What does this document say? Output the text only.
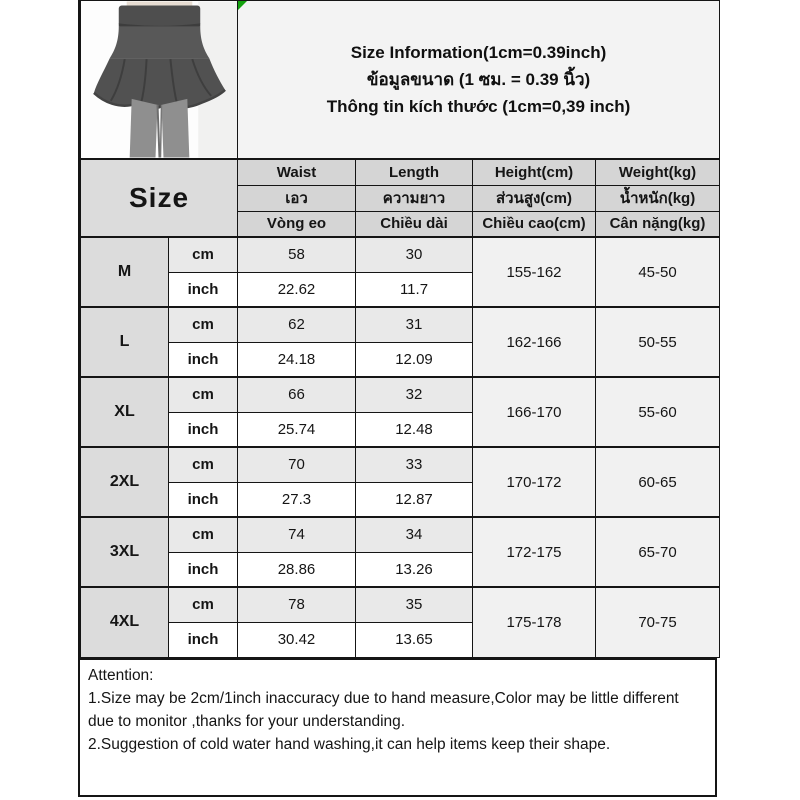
Size Information(1cm=0.39inch)
ข้อมูลขนาด (1 ซม. = 0.39 นิ้ว)
Thông tin kích thước (1cm=0,39 inch)			

Size		Waist	Length	Height(cm)	Weight(kg)
		เอว	ความยาว	ส่วนสูง(cm)	น้ำหนัก(kg)
		Vòng eo	Chiều dài	Chiều cao(cm)	Cân nặng(kg)
M	cm	58	30	155-162	45-50
	inch	22.62	11.7		
L	cm	62	31	162-166	50-55
	inch	24.18	12.09		
XL	cm	66	32	166-170	55-60
	inch	25.74	12.48		
2XL	cm	70	33	170-172	60-65
	inch	27.3	12.87		
3XL	cm	74	34	172-175	65-70
	inch	28.86	13.26		
4XL	cm	78	35	175-178	70-75
	inch	30.42	13.65		
Attention:
1.Size may be 2cm/1inch inaccuracy due to hand measure,Color may be little different due to monitor ,thanks for your understanding.
2.Suggestion of cold water hand washing,it can help items keep their shape.
